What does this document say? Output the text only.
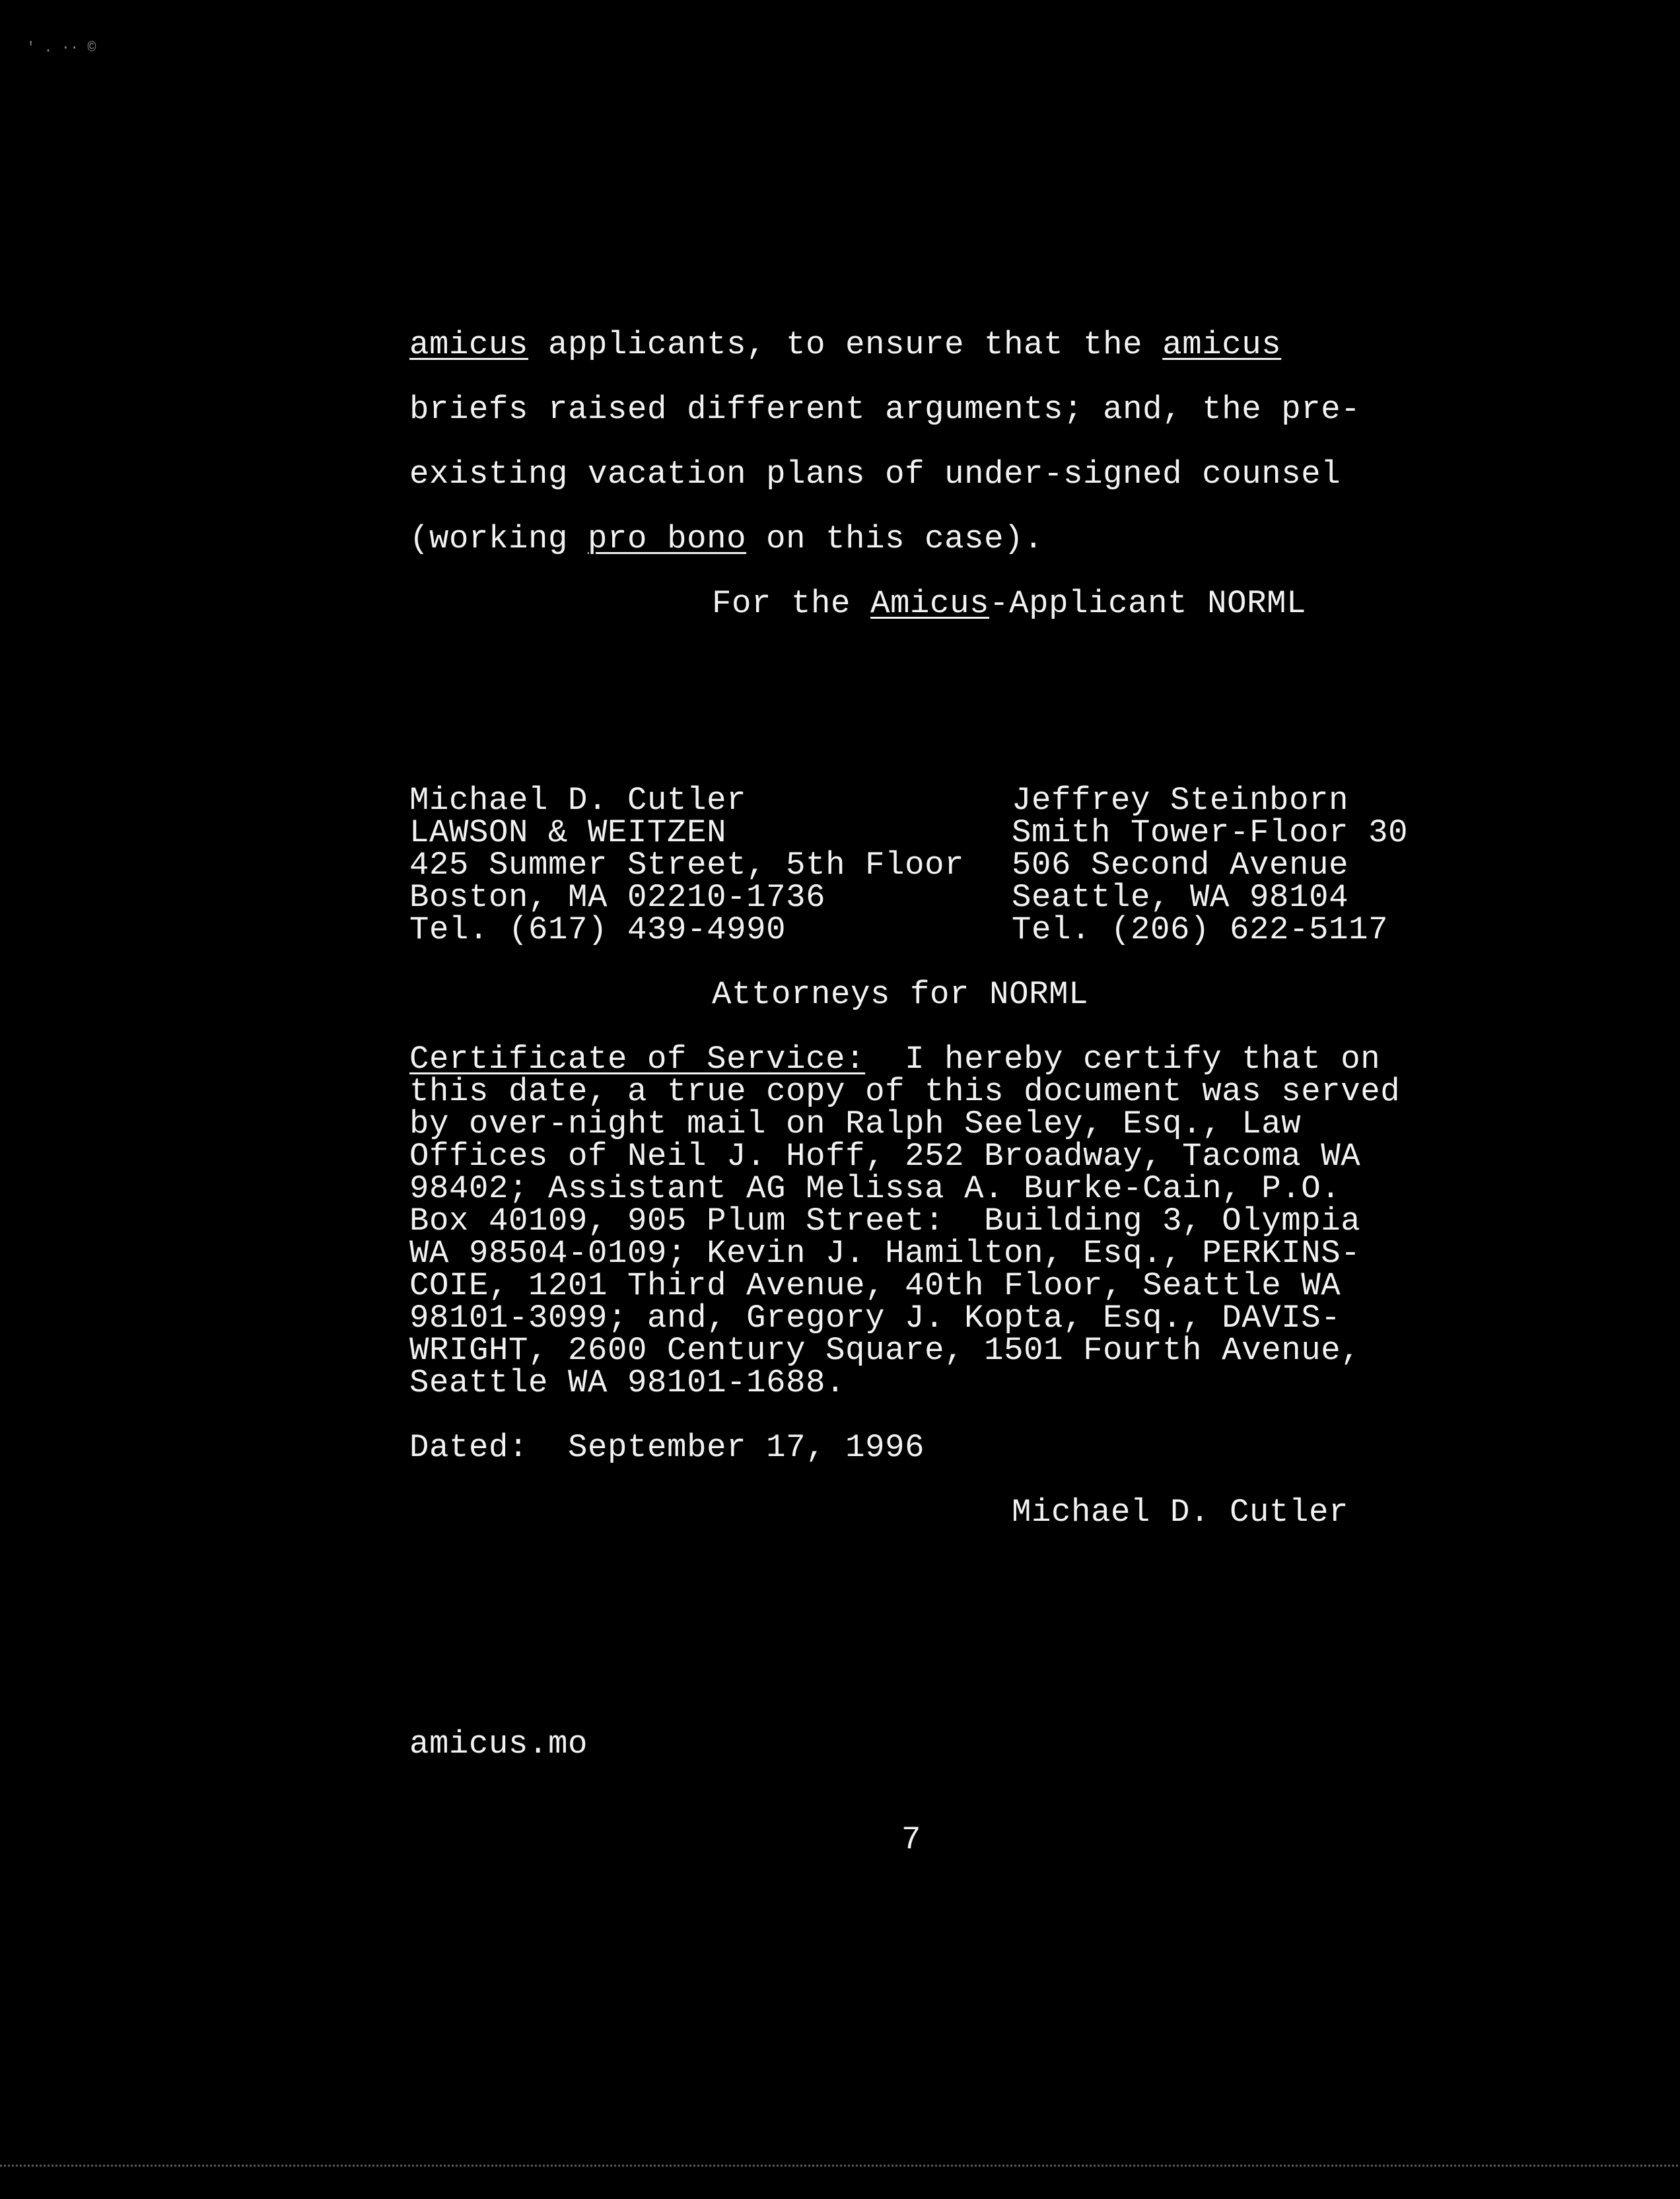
' . ·· ©

amicus applicants, to ensure that the amicus

briefs raised different arguments; and, the pre-

existing vacation plans of under-signed counsel

(working pro bono on this case).

For the Amicus-Applicant NORML

Michael D. Cutler

LAWSON & WEITZEN

425 Summer Street, 5th Floor

Boston, MA 02210-1736

Tel. (617) 439-4990

Jeffrey Steinborn

Smith Tower-Floor 30

506 Second Avenue

Seattle, WA 98104

Tel. (206) 622-5117

Attorneys for NORML

Certificate of Service:  I hereby certify that on

this date, a true copy of this document was served

by over-night mail on Ralph Seeley, Esq., Law

Offices of Neil J. Hoff, 252 Broadway, Tacoma WA

98402; Assistant AG Melissa A. Burke-Cain, P.O.

Box 40109, 905 Plum Street:  Building 3, Olympia

WA 98504-0109; Kevin J. Hamilton, Esq., PERKINS-

COIE, 1201 Third Avenue, 40th Floor, Seattle WA

98101-3099; and, Gregory J. Kopta, Esq., DAVIS-

WRIGHT, 2600 Century Square, 1501 Fourth Avenue,

Seattle WA 98101-1688.

Dated:  September 17, 1996

Michael D. Cutler

amicus.mo

7
